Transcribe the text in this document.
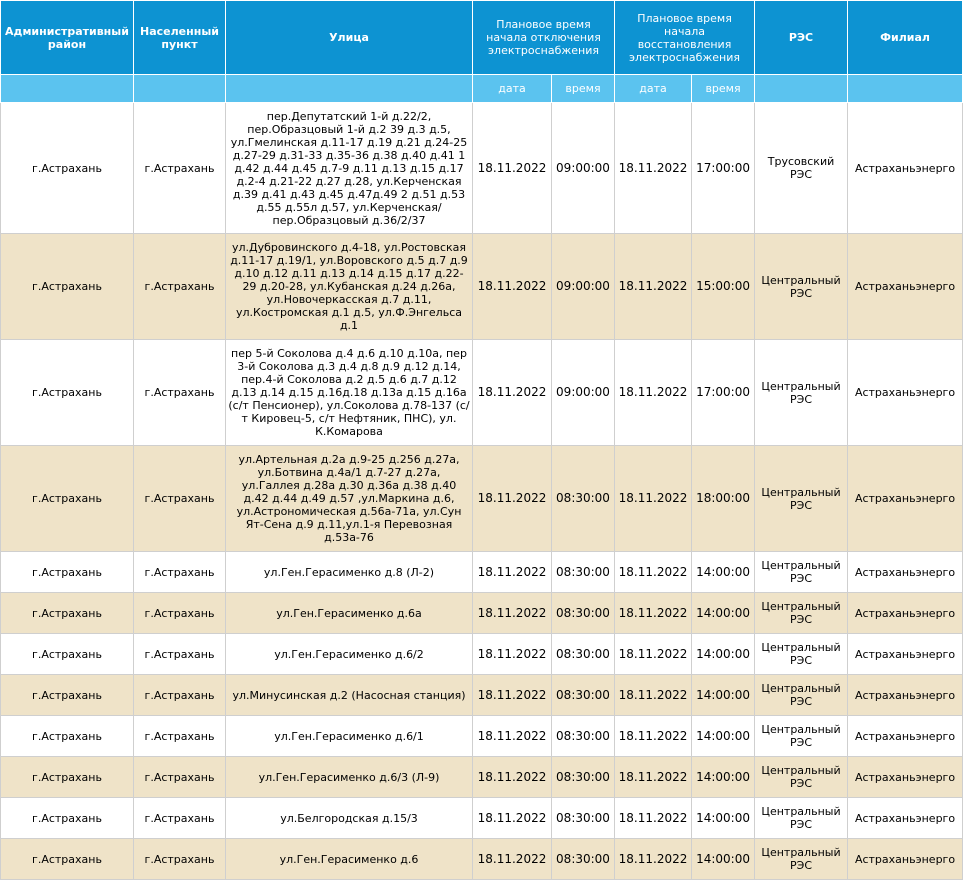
Административный район	Населенный пункт	Улица	Плановое время начала отключения электроснабжения		Плановое время начала восстановления электроснабжения		РЭС	Филиал
			дата	время	дата	время		
г.Астрахань	г.Астрахань	пер.Депутатский 1-й д.22/2, пер.Образцовый 1-й д.2 39 д.3 д.5, ул.Гмелинская д.11-17 д.19 д.21 д.24-25 д.27-29 д.31-33 д.35-36 д.38 д.40 д.41 1 д.42 д.44 д.45 д.7-9 д.11 д.13 д.15 д.17 д.2-4 д.21-22 д.27 д.28, ул.Керченская д.39 д.41 д.43 д.45 д.47д.49 2 д.51 д.53 д.55 д.55л д.57, ул.Керченская/ пер.Образцовый д.36/2/37	18.11.2022	09:00:00	18.11.2022	17:00:00	Трусовский РЭС	Астраханьэнерго
г.Астрахань	г.Астрахань	ул.Дубровинского д.4-18, ул.Ростовская д.11-17 д.19/1, ул.Воровского д.5 д.7 д.9 д.10 д.12 д.11 д.13 д.14 д.15 д.17 д.22-29 д.20-28, ул.Кубанская д.24 д.26а, ул.Новочеркасская д.7 д.11, ул.Костромская д.1 д.5, ул.Ф.Энгельса д.1	18.11.2022	09:00:00	18.11.2022	15:00:00	Центральный РЭС	Астраханьэнерго
г.Астрахань	г.Астрахань	пер 5-й Соколова д.4 д.6 д.10 д.10а, пер 3-й Соколова д.3 д.4 д.8 д.9 д.12 д.14, пер.4-й Соколова д.2 д.5 д.6 д.7 д.12 д.13 д.14 д.15 д.16д.18 д.13а д.15 д.16а (с/т Пенсионер), ул.Соколова д.78-137 (с/т Кировец-5, с/т Нефтяник, ПНС), ул. К.Комарова	18.11.2022	09:00:00	18.11.2022	17:00:00	Центральный РЭС	Астраханьэнерго
г.Астрахань	г.Астрахань	ул.Артельная д.2а д.9-25 д.256 д.27а, ул.Ботвина д.4а/1 д.7-27 д.27а, ул.Галлея д.28а д.30 д.36а д.38 д.40 д.42 д.44 д.49 д.57 ,ул.Маркина д.6, ул.Астрономическая д.56а-71а, ул.Сун Ят-Сена д.9 д.11,ул.1-я Перевозная д.53а-76	18.11.2022	08:30:00	18.11.2022	18:00:00	Центральный РЭС	Астраханьэнерго
г.Астрахань	г.Астрахань	ул.Ген.Герасименко д.8 (Л-2)	18.11.2022	08:30:00	18.11.2022	14:00:00	Центральный РЭС	Астраханьэнерго
г.Астрахань	г.Астрахань	ул.Ген.Герасименко д.6а	18.11.2022	08:30:00	18.11.2022	14:00:00	Центральный РЭС	Астраханьэнерго
г.Астрахань	г.Астрахань	ул.Ген.Герасименко д.6/2	18.11.2022	08:30:00	18.11.2022	14:00:00	Центральный РЭС	Астраханьэнерго
г.Астрахань	г.Астрахань	ул.Минусинская д.2 (Насосная станция)	18.11.2022	08:30:00	18.11.2022	14:00:00	Центральный РЭС	Астраханьэнерго
г.Астрахань	г.Астрахань	ул.Ген.Герасименко д.6/1	18.11.2022	08:30:00	18.11.2022	14:00:00	Центральный РЭС	Астраханьэнерго
г.Астрахань	г.Астрахань	ул.Ген.Герасименко д.6/3 (Л-9)	18.11.2022	08:30:00	18.11.2022	14:00:00	Центральный РЭС	Астраханьэнерго
г.Астрахань	г.Астрахань	ул.Белгородская д.15/3	18.11.2022	08:30:00	18.11.2022	14:00:00	Центральный РЭС	Астраханьэнерго
г.Астрахань	г.Астрахань	ул.Ген.Герасименко д.6	18.11.2022	08:30:00	18.11.2022	14:00:00	Центральный РЭС	Астраханьэнерго
